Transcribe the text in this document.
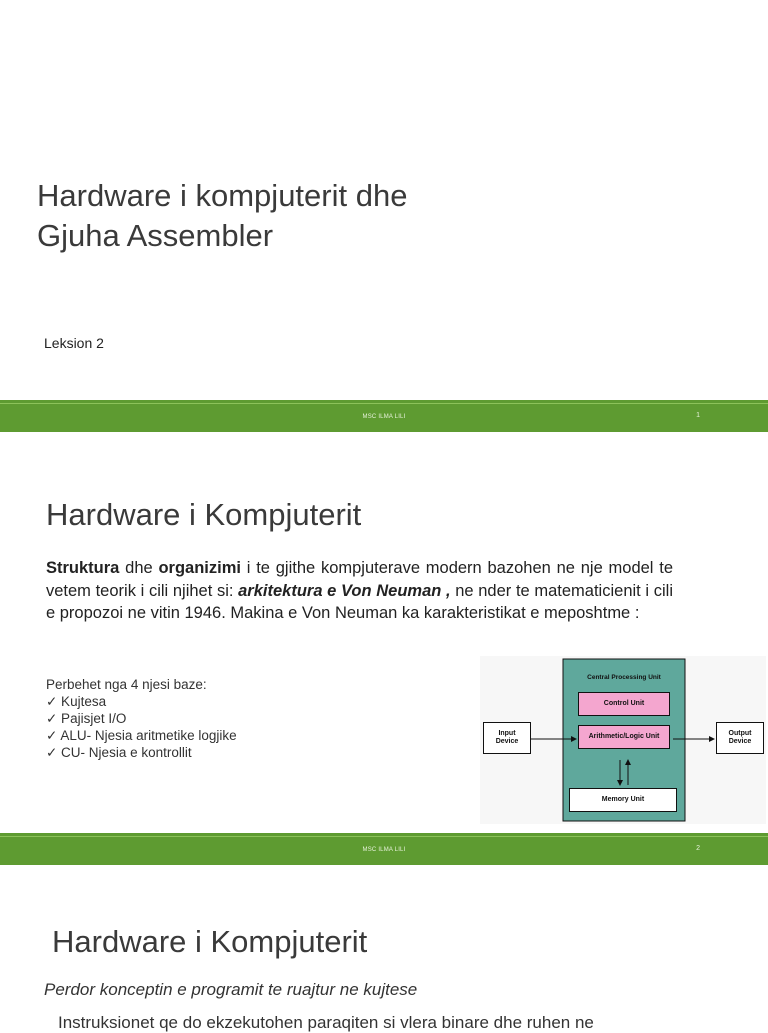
Hardware i kompjuterit dhe
Gjuha Assembler
Leksion 2
MSC ILMA LILI	1
Hardware i Kompjuterit
Struktura dhe organizimi i te gjithe kompjuterave modern bazohen ne nje model te vetem teorik i cili njihet si: arkitektura e Von Neuman , ne nder te matematicienit i cili e propozoi ne vitin 1946. Makina e Von Neuman ka karakteristikat e meposhtme :
Perbehet nga 4 njesi baze:
✓ Kujtesa
✓ Pajisjet I/O
✓ ALU- Njesia aritmetike logjike
✓ CU- Njesia e kontrollit
Central Processing Unit
Control Unit
Arithmetic/Logic Unit
Memory Unit
Input Device
Output Device
MSC ILMA LILI	2
Hardware i Kompjuterit
Perdor konceptin e programit te ruajtur ne kujtese
Instruksionet qe do ekzekutohen paraqiten si vlera binare dhe ruhen ne
